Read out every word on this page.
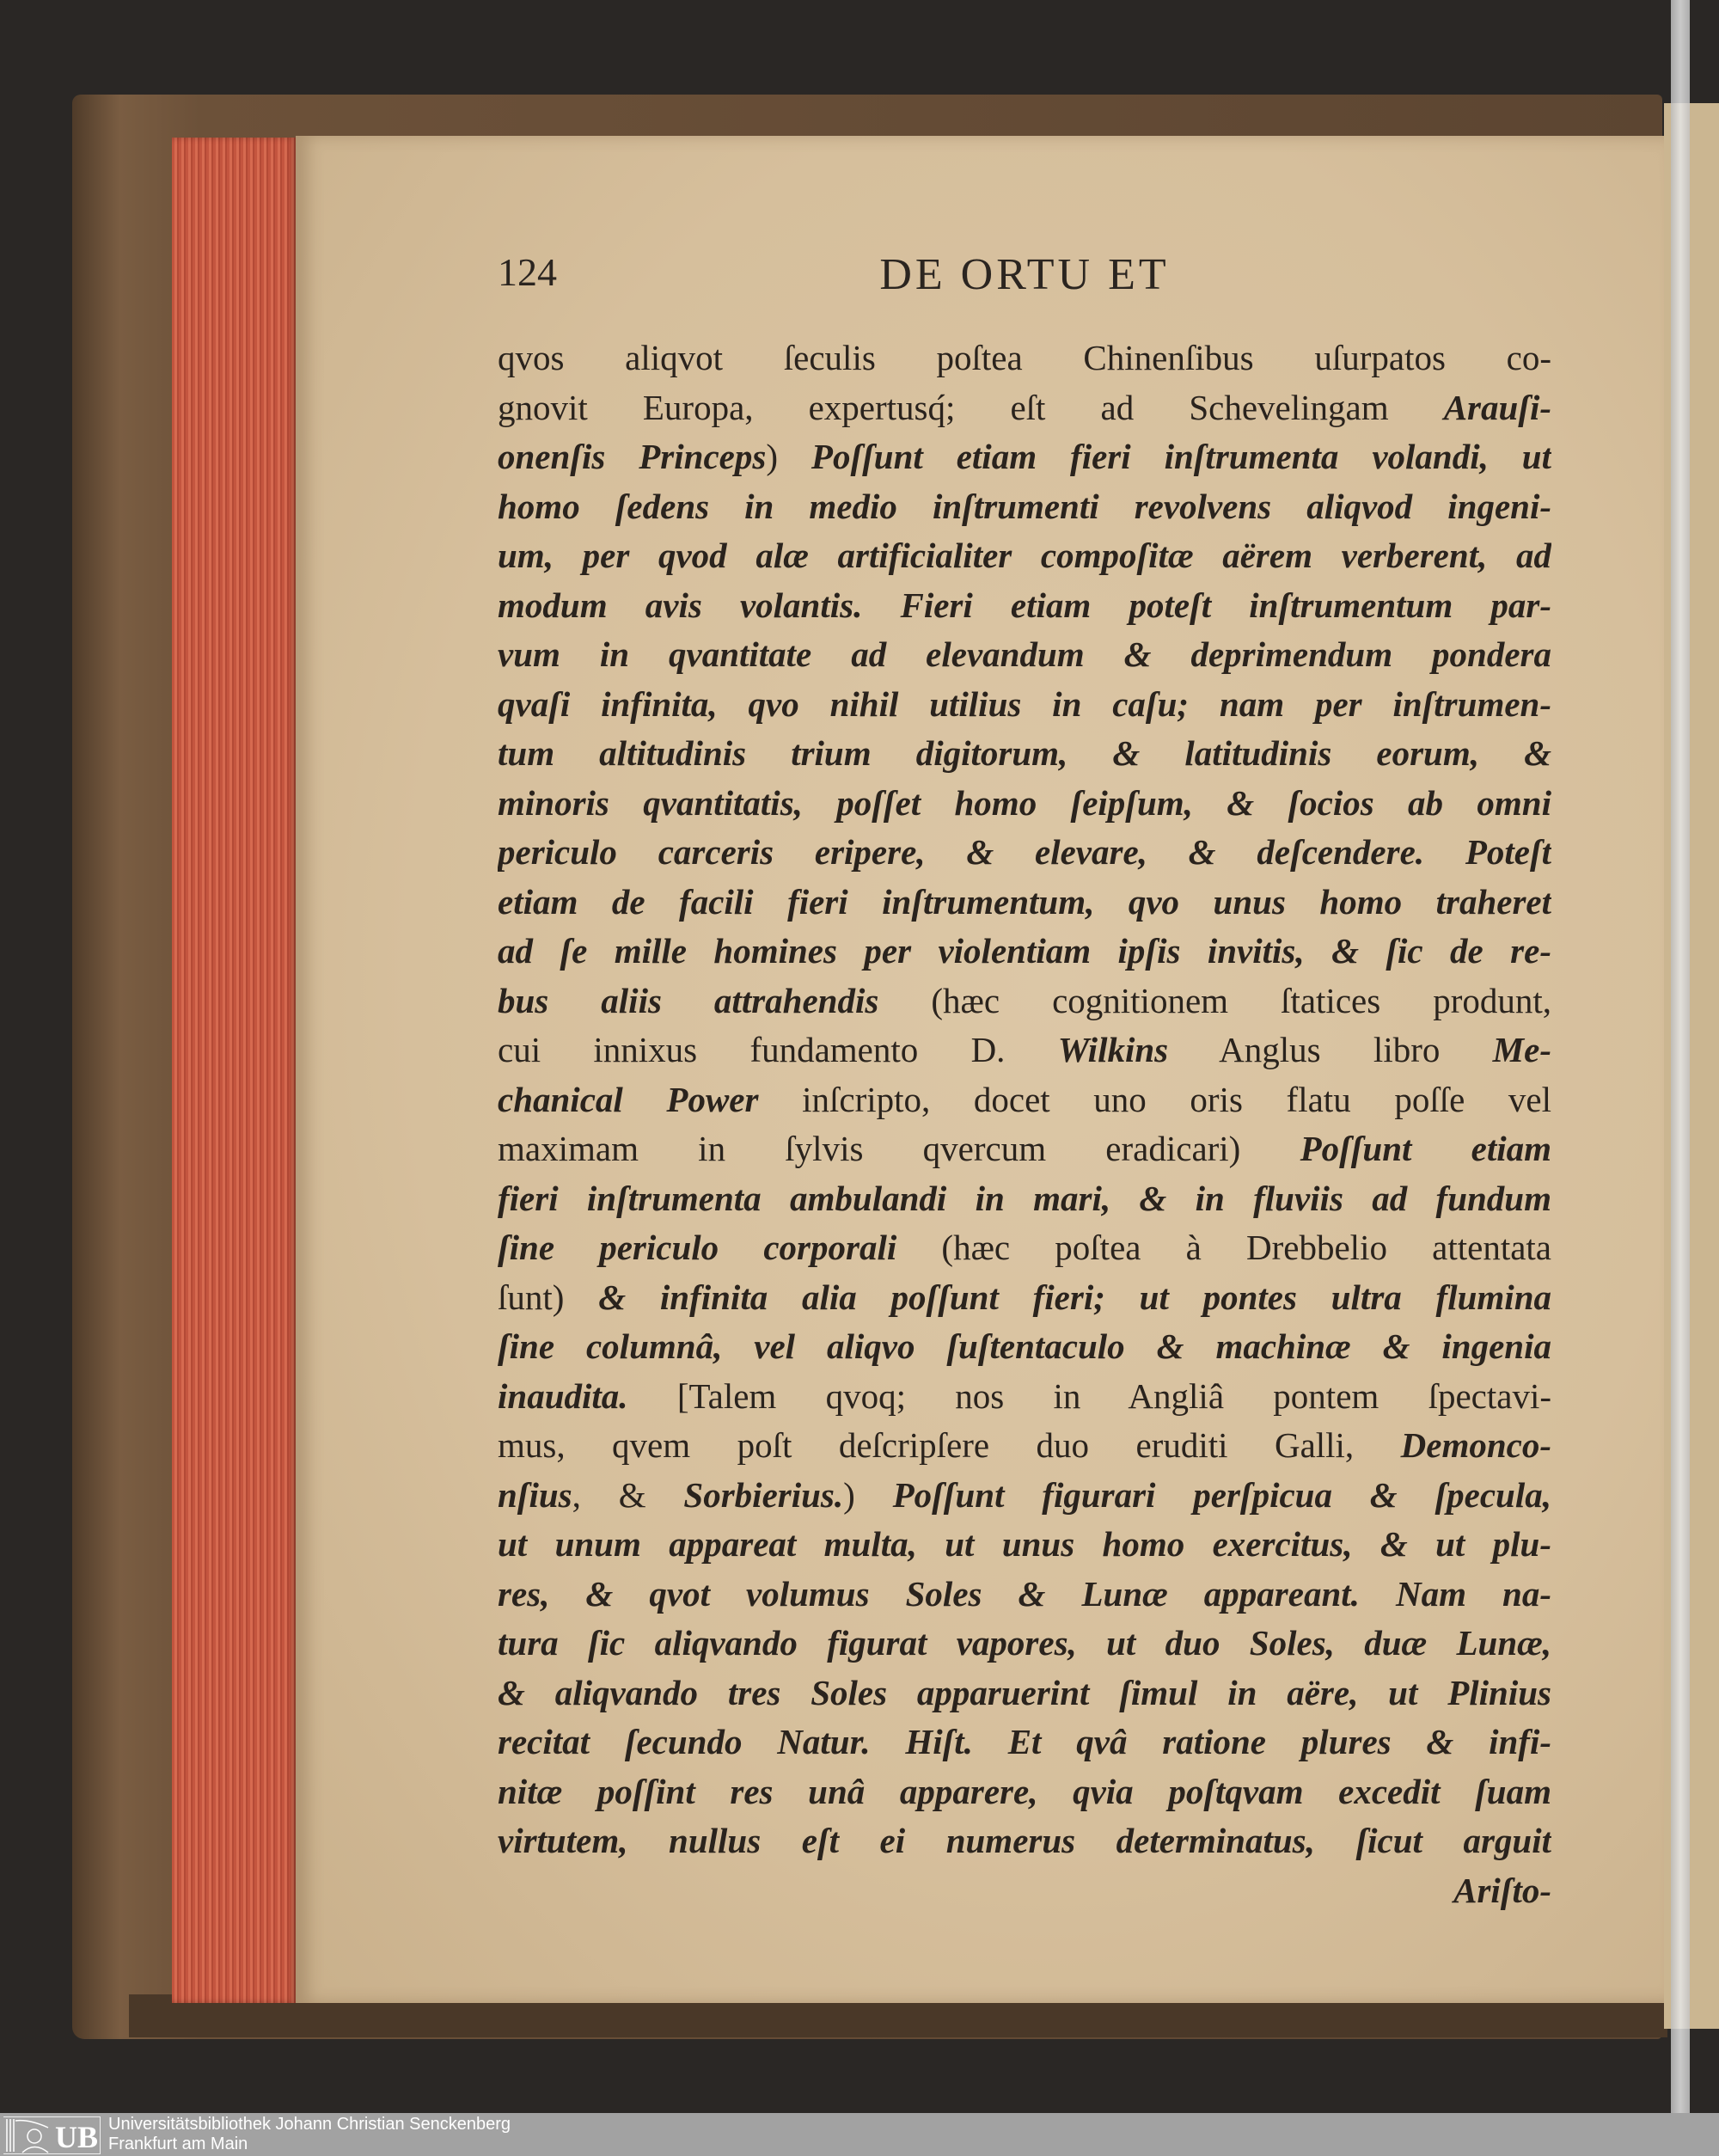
124	DE ORTU ET
qvos aliqvot ſeculis poſtea Chinenſibus uſurpatos co-
gnovit Europa, expertusq́; eſt ad Schevelingam Arauſi-
onenſis Princeps) Poſſunt etiam fieri inſtrumenta volandi, ut
homo ſedens in medio inſtrumenti revolvens aliqvod ingeni-
um, per qvod alæ artificialiter compoſitæ aërem verberent, ad
modum avis volantis. Fieri etiam poteſt inſtrumentum par-
vum in qvantitate ad elevandum & deprimendum pondera
qvaſi infinita, qvo nihil utilius in caſu; nam per inſtrumen-
tum altitudinis trium digitorum, & latitudinis eorum, &
minoris qvantitatis, poſſet homo ſeipſum, & ſocios ab omni
periculo carceris eripere, & elevare, & deſcendere. Poteſt
etiam de facili fieri inſtrumentum, qvo unus homo traheret
ad ſe mille homines per violentiam ipſis invitis, & ſic de re-
bus aliis attrahendis (hæc cognitionem ſtatices produnt,
cui innixus fundamento D. Wilkins Anglus libro Me-
chanical Power inſcripto, docet uno oris flatu poſſe vel
maximam in ſylvis qvercum eradicari) Poſſunt etiam
fieri inſtrumenta ambulandi in mari, & in fluviis ad fundum
ſine periculo corporali (hæc poſtea à Drebbelio attentata
ſunt) & infinita alia poſſunt fieri; ut pontes ultra flumina
ſine columnâ, vel aliqvo ſuſtentaculo & machinæ & ingenia
inaudita. [Talem qvoq; nos in Angliâ pontem ſpectavi-
mus, qvem poſt deſcripſere duo eruditi Galli, Demonco-
nſius, & Sorbierius.) Poſſunt figurari perſpicua & ſpecula,
ut unum appareat multa, ut unus homo exercitus, & ut plu-
res, & qvot volumus Soles & Lunæ appareant. Nam na-
tura ſic aliqvando figurat vapores, ut duo Soles, duæ Lunæ,
& aliqvando tres Soles apparuerint ſimul in aëre, ut Plinius
recitat ſecundo Natur. Hiſt. Et qvâ ratione plures & infi-
nitæ poſſint res unâ apparere, qvia poſtqvam excedit ſuam
virtutem, nullus eſt ei numerus determinatus, ſicut arguit
Ariſto-
UB Universitätsbibliothek Johann Christian Senckenberg
Frankfurt am Main
